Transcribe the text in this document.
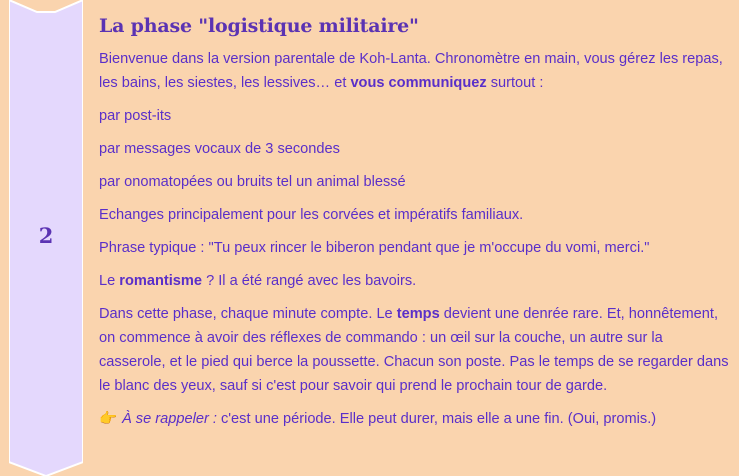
2
La phase "logistique militaire"

Bienvenue dans la version parentale de Koh-Lanta. Chronomètre en main, vous gérez les repas, les bains, les siestes, les lessives… et vous communiquez surtout :

par post-its

par messages vocaux de 3 secondes

par onomatopées ou bruits tel un animal blessé

Echanges principalement pour les corvées et impératifs familiaux.

Phrase typique : "Tu peux rincer le biberon pendant que je m'occupe du vomi, merci."

Le romantisme ? Il a été rangé avec les bavoirs.

Dans cette phase, chaque minute compte. Le temps devient une denrée rare. Et, honnêtement, on commence à avoir des réflexes de commando : un œil sur la couche, un autre sur la casserole, et le pied qui berce la poussette. Chacun son poste. Pas le temps de se regarder dans le blanc des yeux, sauf si c'est pour savoir qui prend le prochain tour de garde.

👉 À se rappeler : c'est une période. Elle peut durer, mais elle a une fin. (Oui, promis.)
